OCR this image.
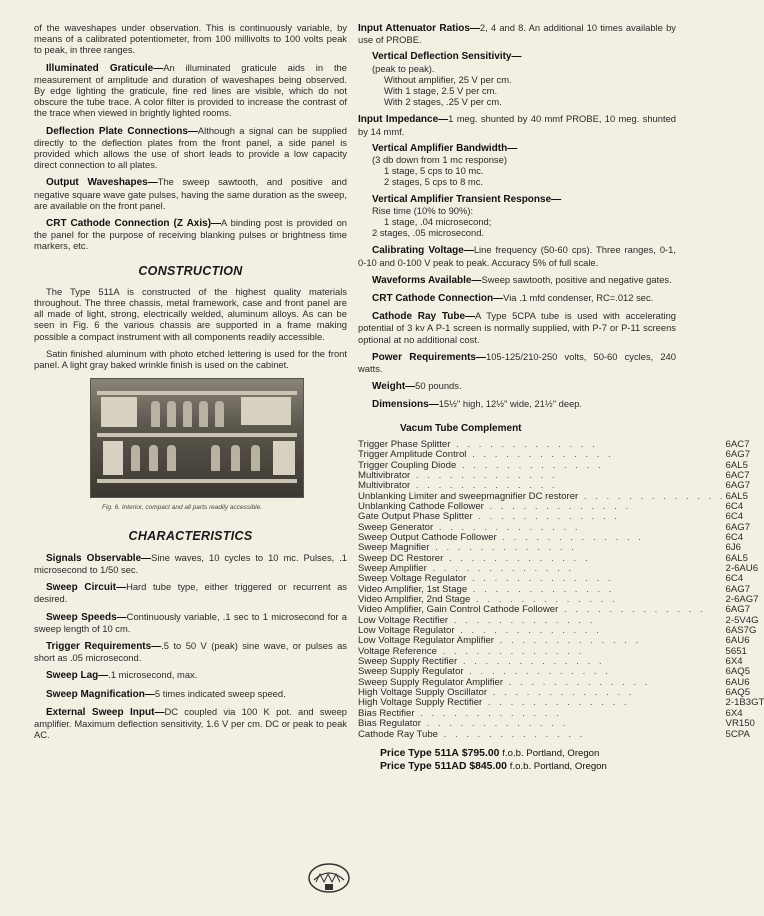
of the waveshapes under observation. This is continuously variable, by means of a calibrated potentiometer, from 100 millivolts to 100 volts peak to peak, in three ranges.

Illuminated Graticule—An illuminated graticule aids in the measurement of amplitude and duration of waveshapes being observed. By edge lighting the graticule, fine red lines are visible, which do not obscure the tube trace. A color filter is provided to increase the contrast of the trace when viewed in brightly lighted rooms.

Deflection Plate Connections—Although a signal can be supplied directly to the deflection plates from the front panel, a side panel is provided which allows the use of short leads to provide a low capacity direct connection to all plates.

Output Waveshapes—The sweep sawtooth, and positive and negative square wave gate pulses, having the same duration as the sweep, are available on the front panel.

CRT Cathode Connection (Z Axis)—A binding post is provided on the panel for the purpose of receiving blanking pulses or brightness time markers, etc.

CONSTRUCTION

The Type 511A is constructed of the highest quality materials throughout. The three chassis, metal framework, case and front panel are all made of light, strong, electrically welded, aluminum alloys. As can be seen in Fig. 6 the various chassis are supported in a frame making possible a compact instrument with all components readily accessible.

Satin finished aluminum with photo etched lettering is used for the front panel. A light gray baked wrinkle finish is used on the cabinet.

Fig. 6. Interior, compact and all parts readily accessible.
CHARACTERISTICS

Signals Observable—Sine waves, 10 cycles to 10 mc. Pulses, .1 microsecond to 1/50 sec.

Sweep Circuit—Hard tube type, either triggered or recurrent as desired.

Sweep Speeds—Continuously variable, .1 sec to 1 microsecond for a sweep length of 10 cm.

Trigger Requirements—.5 to 50 V (peak) sine wave, or pulses as short as .05 microsecond.

Sweep Lag—.1 microsecond, max.

Sweep Magnification—5 times indicated sweep speed.

External Sweep Input—DC coupled via 100 K pot. and sweep amplifier. Maximum deflection sensitivity, 1.6 V per cm. DC or peak to peak AC.

Input Attenuator Ratios—2, 4 and 8. An additional 10 times available by use of PROBE.

Vertical Deflection Sensitivity—
(peak to peak).
Without amplifier, 25 V per cm.
With 1 stage, 2.5 V per cm.
With 2 stages, .25 V per cm.

Input Impedance—1 meg. shunted by 40 mmf PROBE, 10 meg. shunted by 14 mmf.

Vertical Amplifier Bandwidth—
(3 db down from 1 mc response)
1 stage, 5 cps to 10 mc.
2 stages, 5 cps to 8 mc.
Vertical Amplifier Transient Response—
Rise time (10% to 90%):
1 stage, .04 microsecond;
2 stages, .05 microsecond.

Calibrating Voltage—Line frequency (50-60 cps). Three ranges, 0-1, 0-10 and 0-100 V peak to peak. Accuracy 5% of full scale.

Waveforms Available—Sweep sawtooth, positive and negative gates.

CRT Cathode Connection—Via .1 mfd condenser, RC=.012 sec.

Cathode Ray Tube—A Type 5CPA tube is used with accelerating potential of 3 kv A P-1 screen is normally supplied, with P-7 or P-11 screens optional at no additional cost.

Power Requirements—105-125/210-250 volts, 50-60 cycles, 240 watts.

Weight—50 pounds.

Dimensions—15½" high, 12½" wide, 21½" deep.

Vacum Tube Complement
Trigger Phase Splitter . . . . . . . . . . . . .	6AC7
Trigger Amplitude Control . . . . . . . . . . . . .	6AG7
Trigger Coupling Diode . . . . . . . . . . . . .	6AL5
Multivibrator . . . . . . . . . . . . .	6AC7
Multivibrator . . . . . . . . . . . . .	6AG7
Unblanking Limiter and sweepmagnifier DC restorer . . . . . . . . . . . . .	6AL5
Unblanking Cathode Follower . . . . . . . . . . . . .	6C4
Gate Output Phase Splitter . . . . . . . . . . . . .	6C4
Sweep Generator . . . . . . . . . . . . .	6AG7
Sweep Output Cathode Follower . . . . . . . . . . . . .	6C4
Sweep Magnifier . . . . . . . . . . . . .	6J6
Sweep DC Restorer . . . . . . . . . . . . .	6AL5
Sweep Amplifier . . . . . . . . . . . . .	2-6AU6
Sweep Voltage Regulator . . . . . . . . . . . . .	6C4
Video Amplifier, 1st Stage . . . . . . . . . . . . .	6AG7
Video Amplifier, 2nd Stage . . . . . . . . . . . . .	2-6AG7
Video Amplifier, Gain Control Cathode Follower . . . . . . . . . . . . .	6AG7
Low Voltage Rectifier . . . . . . . . . . . . .	2-5V4G
Low Voltage Regulator . . . . . . . . . . . . .	6AS7G
Low Voltage Regulator Amplifier . . . . . . . . . . . . .	6AU6
Voltage Reference . . . . . . . . . . . . .	5651
Sweep Supply Rectifier . . . . . . . . . . . . .	6X4
Sweep Supply Regulator . . . . . . . . . . . . .	6AQ5
Sweep Supply Regulator Amplifier . . . . . . . . . . . . .	6AU6
High Voltage Supply Oscillator . . . . . . . . . . . . .	6AQ5
High Voltage Supply Rectifier . . . . . . . . . . . . .	2-1B3GT
Bias Rectifier . . . . . . . . . . . . .	6X4
Bias Regulator . . . . . . . . . . . . .	VR150
Cathode Ray Tube . . . . . . . . . . . . .	5CPA
Price Type 511A $795.00 f.o.b. Portland, Oregon
Price Type 511AD $845.00 f.o.b. Portland, Oregon
